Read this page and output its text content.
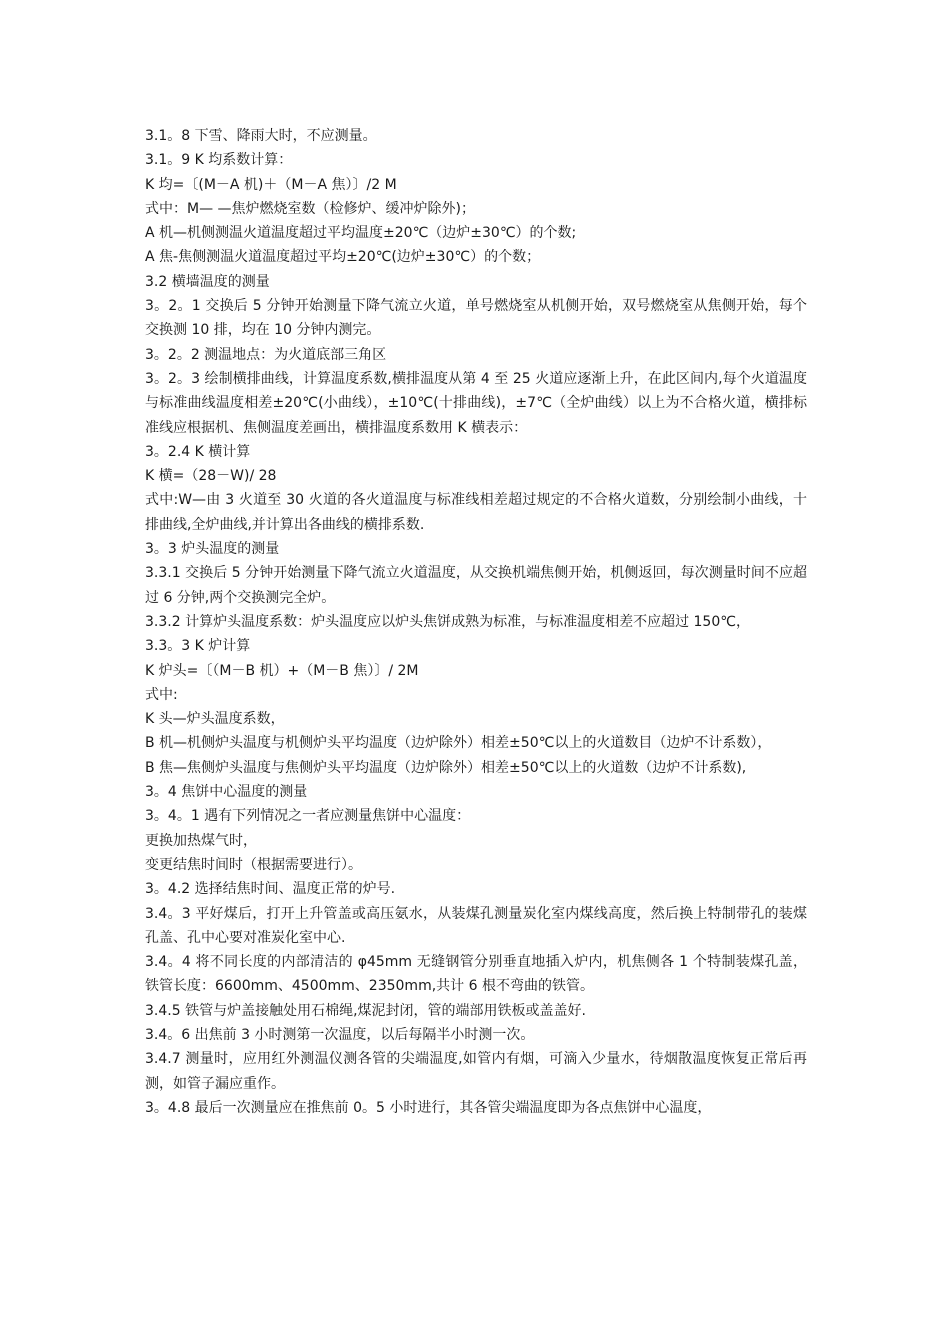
3.1。8 下雪、降雨大时，不应测量。

3.1。9 K 均系数计算：

K 均=〔(M－A 机)＋（M－A 焦）〕/2 M

式中：M— —焦炉燃烧室数（检修炉、缓冲炉除外)；

A 机—机侧测温火道温度超过平均温度±20℃（边炉±30℃）的个数;

A 焦-焦侧测温火道温度超过平均±20℃(边炉±30℃）的个数；

3.2 横墙温度的测量

3。2。1 交换后 5 分钟开始测量下降气流立火道，单号燃烧室从机侧开始，双号燃烧室从焦侧开始，每个交换测 10 排，均在 10 分钟内测完。

3。2。2 测温地点：为火道底部三角区

3。2。3 绘制横排曲线，计算温度系数,横排温度从第 4 至 25 火道应逐渐上升，在此区间内,每个火道温度与标准曲线温度相差±20℃(小曲线），±10℃(十排曲线)，±7℃（全炉曲线）以上为不合格火道，横排标准线应根据机、焦侧温度差画出，横排温度系数用 K 横表示：

3。2.4 K 横计算

K 横=（28－W)/ 28

式中:W—由 3 火道至 30 火道的各火道温度与标准线相差超过规定的不合格火道数，分别绘制小曲线，十排曲线,全炉曲线,并计算出各曲线的横排系数.

3。3 炉头温度的测量

3.3.1 交换后 5 分钟开始测量下降气流立火道温度，从交换机端焦侧开始，机侧返回，每次测量时间不应超过 6 分钟,两个交换测完全炉。

3.3.2 计算炉头温度系数：炉头温度应以炉头焦饼成熟为标准，与标准温度相差不应超过 150℃，

3.3。3 K 炉计算

K 炉头=〔（M－B 机）+（M－B 焦）〕/ 2M

式中:

K 头—炉头温度系数，

B 机—机侧炉头温度与机侧炉头平均温度（边炉除外）相差±50℃以上的火道数目（边炉不计系数），

B 焦—焦侧炉头温度与焦侧炉头平均温度（边炉除外）相差±50℃以上的火道数（边炉不计系数),

3。4 焦饼中心温度的测量

3。4。1 遇有下列情况之一者应测量焦饼中心温度：

更换加热煤气时，

变更结焦时间时（根据需要进行）。

3。4.2 选择结焦时间、温度正常的炉号.

3.4。3 平好煤后，打开上升管盖或高压氨水，从装煤孔测量炭化室内煤线高度，然后换上特制带孔的装煤孔盖、孔中心要对准炭化室中心.

3.4。4 将不同长度的内部清洁的 φ45mm 无缝钢管分别垂直地插入炉内，机焦侧各 1 个特制装煤孔盖，铁管长度：6600mm、4500mm、2350mm,共计 6 根不弯曲的铁管。

3.4.5 铁管与炉盖接触处用石棉绳,煤泥封闭，管的端部用铁板或盖盖好.

3.4。6 出焦前 3 小时测第一次温度，以后每隔半小时测一次。

3.4.7 测量时，应用红外测温仪测各管的尖端温度,如管内有烟，可滴入少量水，待烟散温度恢复正常后再测，如管子漏应重作。

3。4.8 最后一次测量应在推焦前 0。5 小时进行，其各管尖端温度即为各点焦饼中心温度，
